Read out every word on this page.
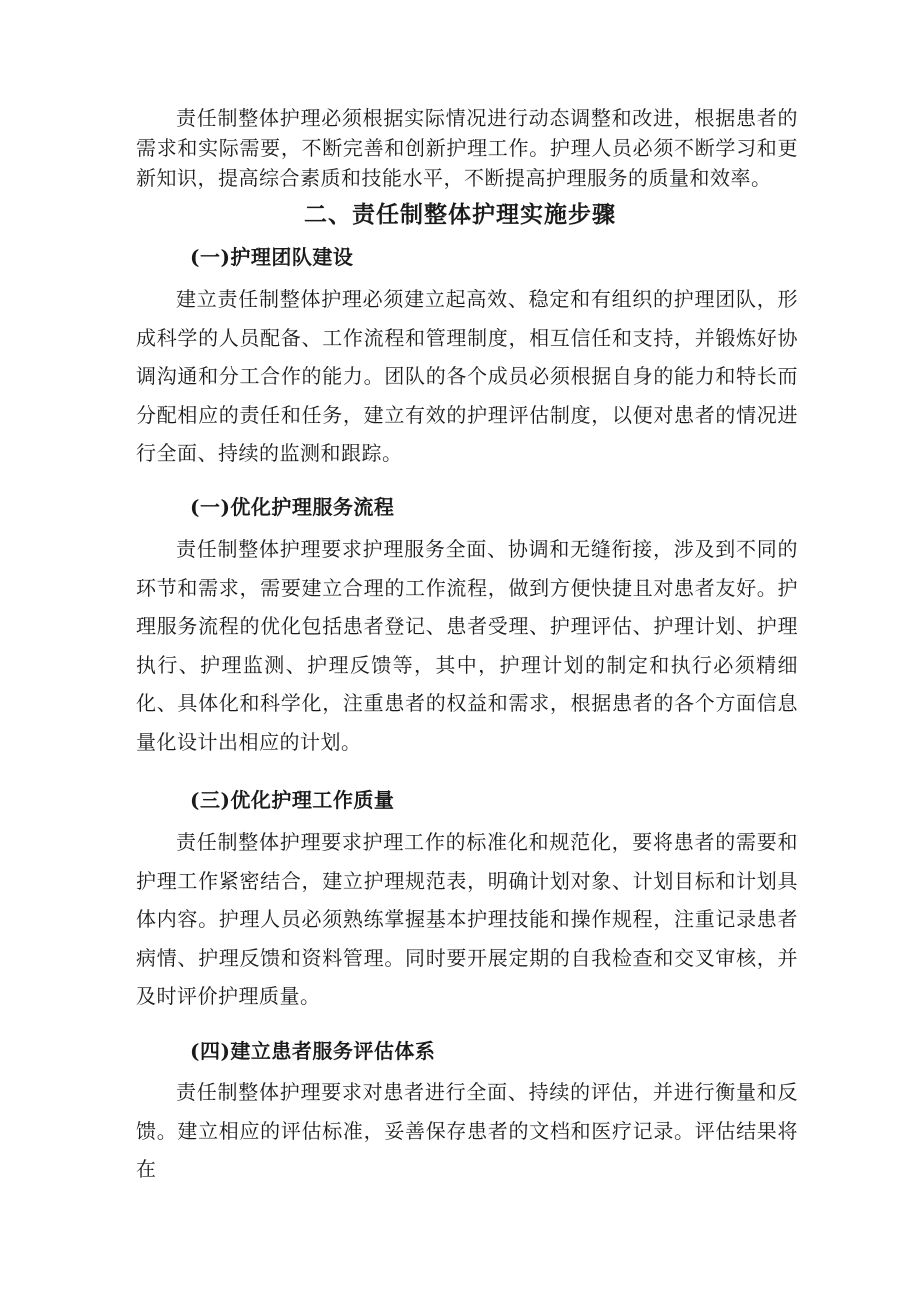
责任制整体护理必须根据实际情况进行动态调整和改进，根据患者的需求和实际需要，不断完善和创新护理工作。护理人员必须不断学习和更新知识，提高综合素质和技能水平，不断提高护理服务的质量和效率。

二、责任制整体护理实施步骤
(一)护理团队建设

建立责任制整体护理必须建立起高效、稳定和有组织的护理团队，形成科学的人员配备、工作流程和管理制度，相互信任和支持，并锻炼好协调沟通和分工合作的能力。团队的各个成员必须根据自身的能力和特长而分配相应的责任和任务，建立有效的护理评估制度，以便对患者的情况进行全面、持续的监测和跟踪。

(一)优化护理服务流程

责任制整体护理要求护理服务全面、协调和无缝衔接，涉及到不同的环节和需求，需要建立合理的工作流程，做到方便快捷且对患者友好。护理服务流程的优化包括患者登记、患者受理、护理评估、护理计划、护理执行、护理监测、护理反馈等，其中，护理计划的制定和执行必须精细化、具体化和科学化，注重患者的权益和需求，根据患者的各个方面信息量化设计出相应的计划。

(三)优化护理工作质量

责任制整体护理要求护理工作的标准化和规范化，要将患者的需要和护理工作紧密结合，建立护理规范表，明确计划对象、计划目标和计划具体内容。护理人员必须熟练掌握基本护理技能和操作规程，注重记录患者病情、护理反馈和资料管理。同时要开展定期的自我检查和交叉审核，并及时评价护理质量。

(四)建立患者服务评估体系

责任制整体护理要求对患者进行全面、持续的评估，并进行衡量和反馈。建立相应的评估标准，妥善保存患者的文档和医疗记录。评估结果将在
